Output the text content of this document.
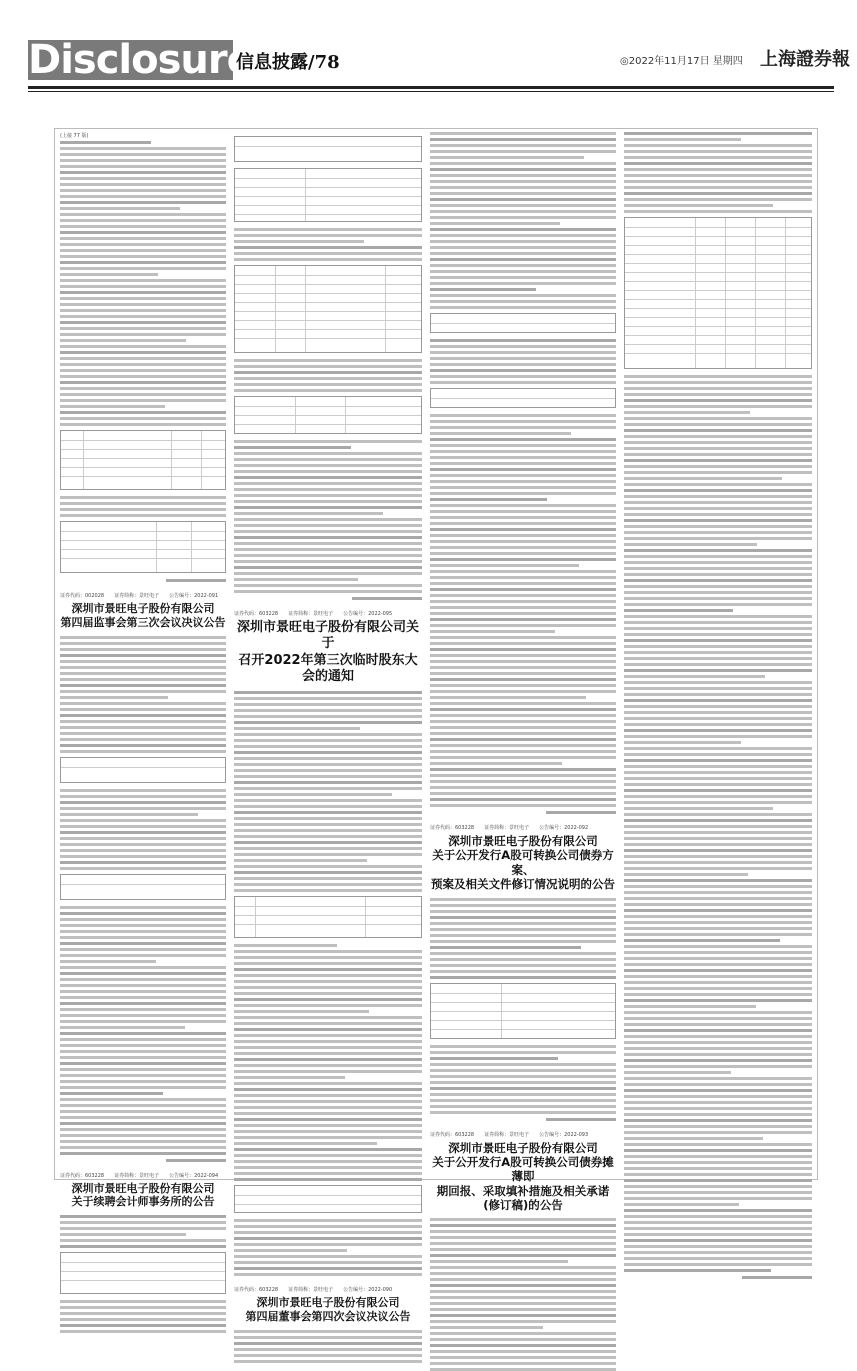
Disclosure
信息披露/78	◎2022年11月17日 星期四 上海證券報
(上接 77 版)
证券代码：002028　　证券简称：景旺电子　　公告编号：2022-091
深圳市景旺电子股份有限公司
第四届监事会第三次会议决议公告
证券代码：603228　　证券简称：景旺电子　　公告编号：2022-094
深圳市景旺电子股份有限公司
关于续聘会计师事务所的公告
证券代码：603228　　证券简称：景旺电子　　公告编号：2022-095
深圳市景旺电子股份有限公司关于
召开2022年第三次临时股东大会的通知
证券代码：603228　　证券简称：景旺电子　　公告编号：2022-090
深圳市景旺电子股份有限公司
第四届董事会第四次会议决议公告
证券代码：603228　　证券简称：景旺电子　　公告编号：2022-092
深圳市景旺电子股份有限公司
关于公开发行A股可转换公司债券方案、
预案及相关文件修订情况说明的公告
证券代码：603228　　证券简称：景旺电子　　公告编号：2022-093
深圳市景旺电子股份有限公司
关于公开发行A股可转换公司债券摊薄即
期回报、采取填补措施及相关承诺
(修订稿)的公告
